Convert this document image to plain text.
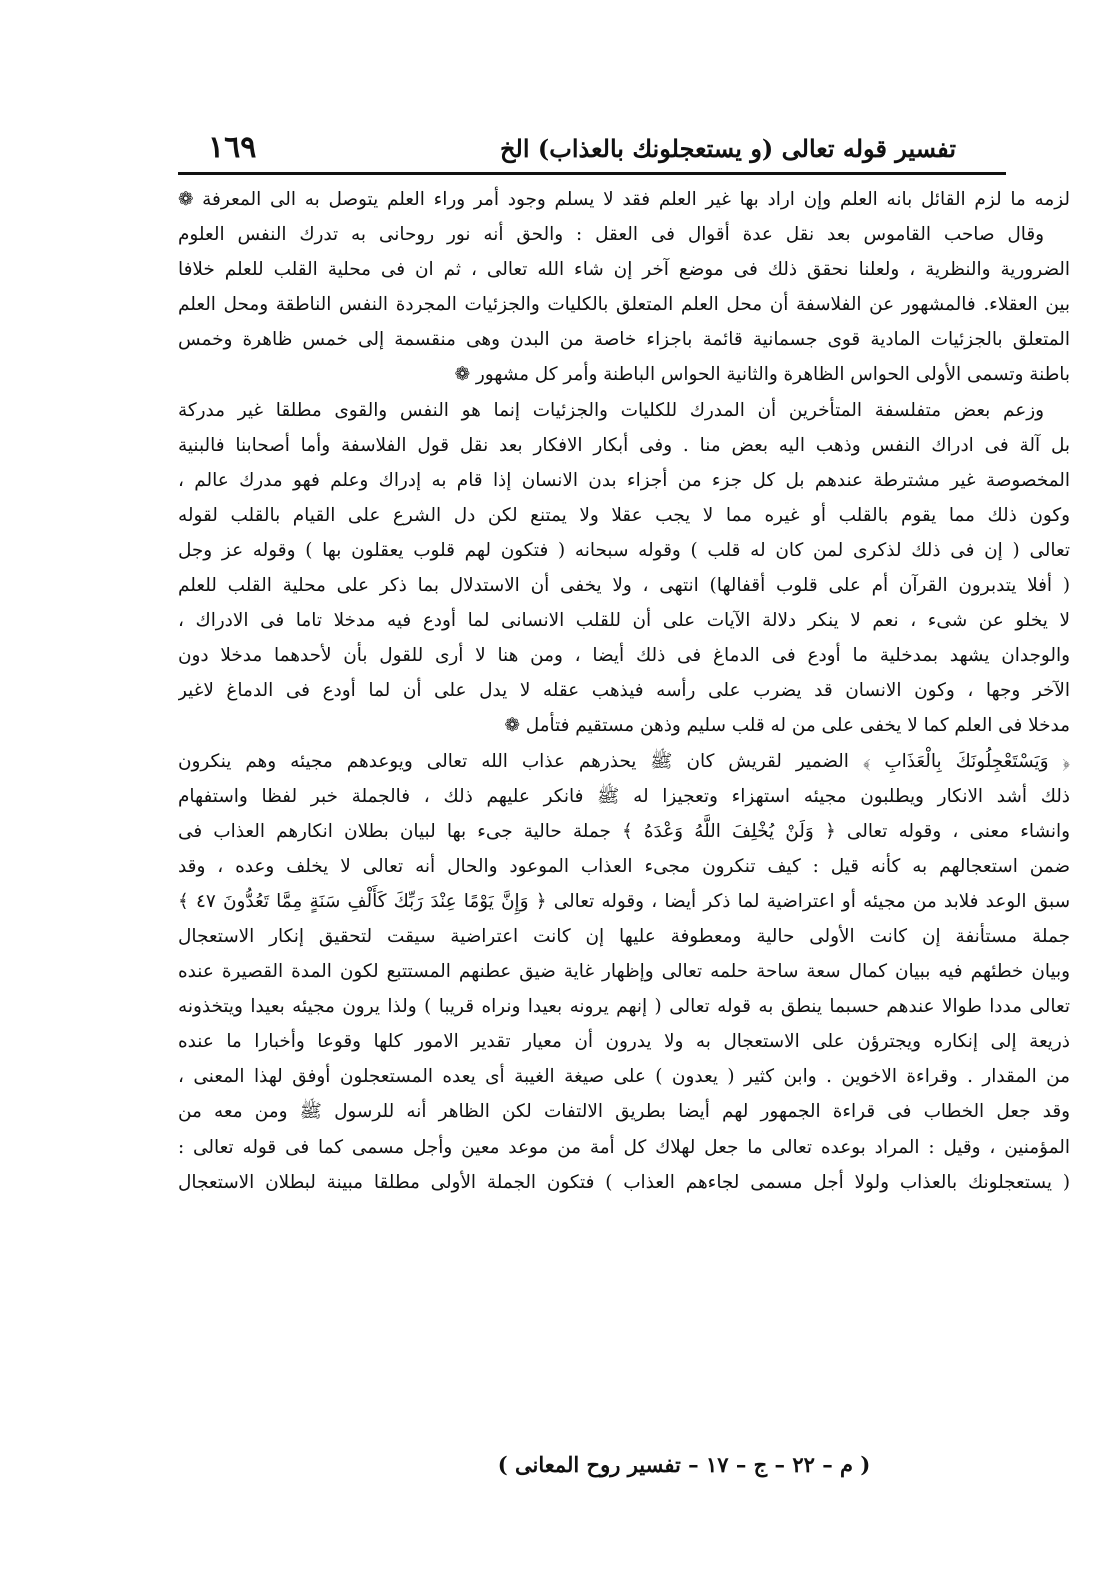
تفسير قوله تعالى (و يستعجلونك بالعذاب) الخ
١٦٩
لزمه ما لزم القائل بانه العلم وإن اراد بها غير العلم فقد لا يسلم وجود أمر وراء العلم يتوصل به الى المعرفة ❁
وقال صاحب القاموس بعد نقل عدة أقوال فى العقل : والحق أنه نور روحانى به تدرك النفس العلوم
الضرورية والنظرية ، ولعلنا نحقق ذلك فى موضع آخر إن شاء الله تعالى ، ثم ان فى محلية القلب للعلم خلافا
بين العقلاء. فالمشهور عن الفلاسفة أن محل العلم المتعلق بالكليات والجزئيات المجردة النفس الناطقة ومحل العلم
المتعلق بالجزئيات المادية قوى جسمانية قائمة باجزاء خاصة من البدن وهى منقسمة إلى خمس ظاهرة وخمس
باطنة وتسمى الأولى الحواس الظاهرة والثانية الحواس الباطنة وأمر كل مشهور ❁
وزعم بعض متفلسفة المتأخرين أن المدرك للكليات والجزئيات إنما هو النفس والقوى مطلقا غير مدركة
بل آلة فى ادراك النفس وذهب اليه بعض منا . وفى أبكار الافكار بعد نقل قول الفلاسفة وأما أصحابنا فالبنية
المخصوصة غير مشترطة عندهم بل كل جزء من أجزاء بدن الانسان إذا قام به إدراك وعلم فهو مدرك عالم ،
وكون ذلك مما يقوم بالقلب أو غيره مما لا يجب عقلا ولا يمتنع لكن دل الشرع على القيام بالقلب لقوله
تعالى ( إن فى ذلك لذكرى لمن كان له قلب ) وقوله سبحانه ( فتكون لهم قلوب يعقلون بها ) وقوله عز وجل
( أفلا يتدبرون القرآن أم على قلوب أقفالها) انتهى ، ولا يخفى أن الاستدلال بما ذكر على محلية القلب للعلم
لا يخلو عن شىء ، نعم لا ينكر دلالة الآيات على أن للقلب الانسانى لما أودع فيه مدخلا تاما فى الادراك ،
والوجدان يشهد بمدخلية ما أودع فى الدماغ فى ذلك أيضا ، ومن هنا لا أرى للقول بأن لأحدهما مدخلا دون
الآخر وجها ، وكون الانسان قد يضرب على رأسه فيذهب عقله لا يدل على أن لما أودع فى الدماغ لاغير
مدخلا فى العلم كما لا يخفى على من له قلب سليم وذهن مستقيم فتأمل ❁
﴿ وَيَسْتَعْجِلُونَكَ بِالْعَذَابِ ﴾ الضمير لقريش كان ﷺ يحذرهم عذاب الله تعالى ويوعدهم مجيئه وهم ينكرون
ذلك أشد الانكار ويطلبون مجيئه استهزاء وتعجيزا له ﷺ فانكر عليهم ذلك ، فالجملة خبر لفظا واستفهام
وانشاء معنى ، وقوله تعالى ﴿ وَلَنْ يُخْلِفَ اللَّهُ وَعْدَهُ ﴾ جملة حالية جىء بها لبيان بطلان انكارهم العذاب فى
ضمن استعجالهم به كأنه قيل : كيف تنكرون مجىء العذاب الموعود والحال أنه تعالى لا يخلف وعده ، وقد
سبق الوعد فلابد من مجيئه أو اعتراضية لما ذكر أيضا ، وقوله تعالى ﴿ وَإِنَّ يَوْمًا عِنْدَ رَبِّكَ كَأَلْفِ سَنَةٍ مِمَّا تَعُدُّونَ ٤٧ ﴾
جملة مستأنفة إن كانت الأولى حالية ومعطوفة عليها إن كانت اعتراضية سيقت لتحقيق إنكار الاستعجال
وبيان خطئهم فيه ببيان كمال سعة ساحة حلمه تعالى وإظهار غاية ضيق عطنهم المستتبع لكون المدة القصيرة عنده
تعالى مددا طوالا عندهم حسبما ينطق به قوله تعالى ( إنهم يرونه بعيدا ونراه قريبا ) ولذا يرون مجيئه بعيدا ويتخذونه
ذريعة إلى إنكاره ويجترؤن على الاستعجال به ولا يدرون أن معيار تقدير الامور كلها وقوعا وأخبارا ما عنده
من المقدار . وقراءة الاخوين . وابن كثير ( يعدون ) على صيغة الغيبة أى يعده المستعجلون أوفق لهذا المعنى ،
وقد جعل الخطاب فى قراءة الجمهور لهم أيضا بطريق الالتفات لكن الظاهر أنه للرسول ﷺ ومن معه من
المؤمنين ، وقيل : المراد بوعده تعالى ما جعل لهلاك كل أمة من موعد معين وأجل مسمى كما فى قوله تعالى :
( يستعجلونك بالعذاب ولولا أجل مسمى لجاءهم العذاب ) فتكون الجملة الأولى مطلقا مبينة لبطلان الاستعجال
( م – ٢٢ – ج – ١٧ – تفسير روح المعانى )
